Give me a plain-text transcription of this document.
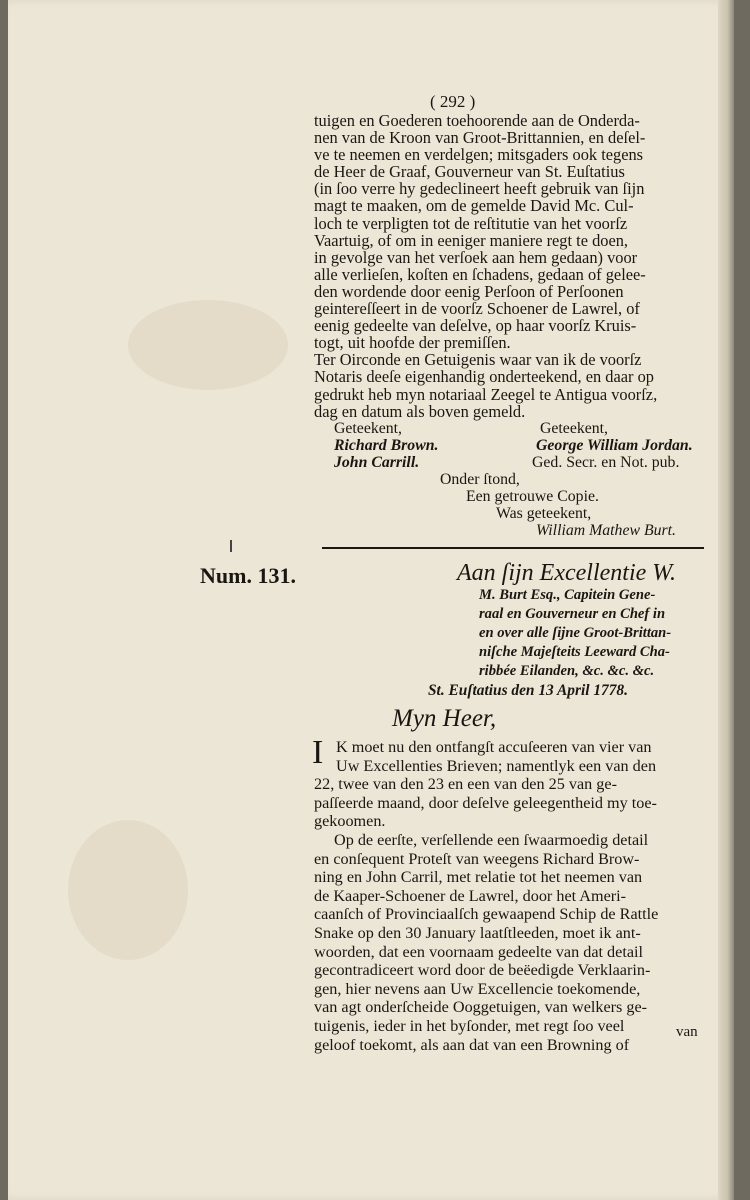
( 292 )
tuigen en Goederen toehoorende aan de Onderda-
nen van de Kroon van Groot-Brittannien, en deſel-
ve te neemen en verdelgen; mitsgaders ook tegens
de Heer de Graaf, Gouverneur van St. Euſtatius
(in ſoo verre hy gedeclineert heeft gebruik van ſijn
magt te maaken, om de gemelde David Mc. Cul-
loch te verpligten tot de reſtitutie van het voorſz
Vaartuig, of om in eeniger maniere regt te doen,
in gevolge van het verſoek aan hem gedaan) voor
alle verlieſen, koſten en ſchadens, gedaan of gelee-
den wordende door eenig Perſoon of Perſoonen
geintereſſeert in de voorſz Schoener de Lawrel, of
eenig gedeelte van deſelve, op haar voorſz Kruis-
togt, uit hoofde der premiſſen.
Ter Oirconde en Getuigenis waar van ik de voorſz
Notaris deeſe eigenhandig onderteekend, en daar op
gedrukt heb myn notariaal Zeegel te Antigua voorſz,
dag en datum als boven gemeld.
Geteekent,	Geteekent,
Richard Brown.	George William Jordan.
John Carrill.	Ged. Secr. en Not. pub.
Onder ſtond,
Een getrouwe Copie.
Was geteekent,
William Mathew Burt.
Num. 131.	Aan ſijn Excellentie W.
M. Burt Esq., Capitein Gene-
raal en Gouverneur en Chef in
en over alle ſijne Groot-Brittan-
niſche Majeſteits Leeward Cha-
ribbée Eilanden, &c. &c. &c.
St. Euſtatius den 13 April 1778.
Myn Heer,
I K moet nu den ontfangſt accuſeeren van vier van
Uw Excellenties Brieven; namentlyk een van den
22, twee van den 23 en een van den 25 van ge-
paſſeerde maand, door deſelve geleegentheid my toe-
gekoomen.
Op de eerſte, verſellende een ſwaarmoedig detail
en conſequent Proteſt van weegens Richard Brow-
ning en John Carril, met relatie tot het neemen van
de Kaaper-Schoener de Lawrel, door het Ameri-
caanſch of Provinciaalſch gewaapend Schip de Rattle
Snake op den 30 January laatſtleeden, moet ik ant-
woorden, dat een voornaam gedeelte van dat detail
gecontradiceert word door de beëedigde Verklaarin-
gen, hier nevens aan Uw Excellencie toekomende,
van agt onderſcheide Ooggetuigen, van welkers ge-
tuigenis, ieder in het byſonder, met regt ſoo veel
geloof toekomt, als aan dat van een Browning of
van
